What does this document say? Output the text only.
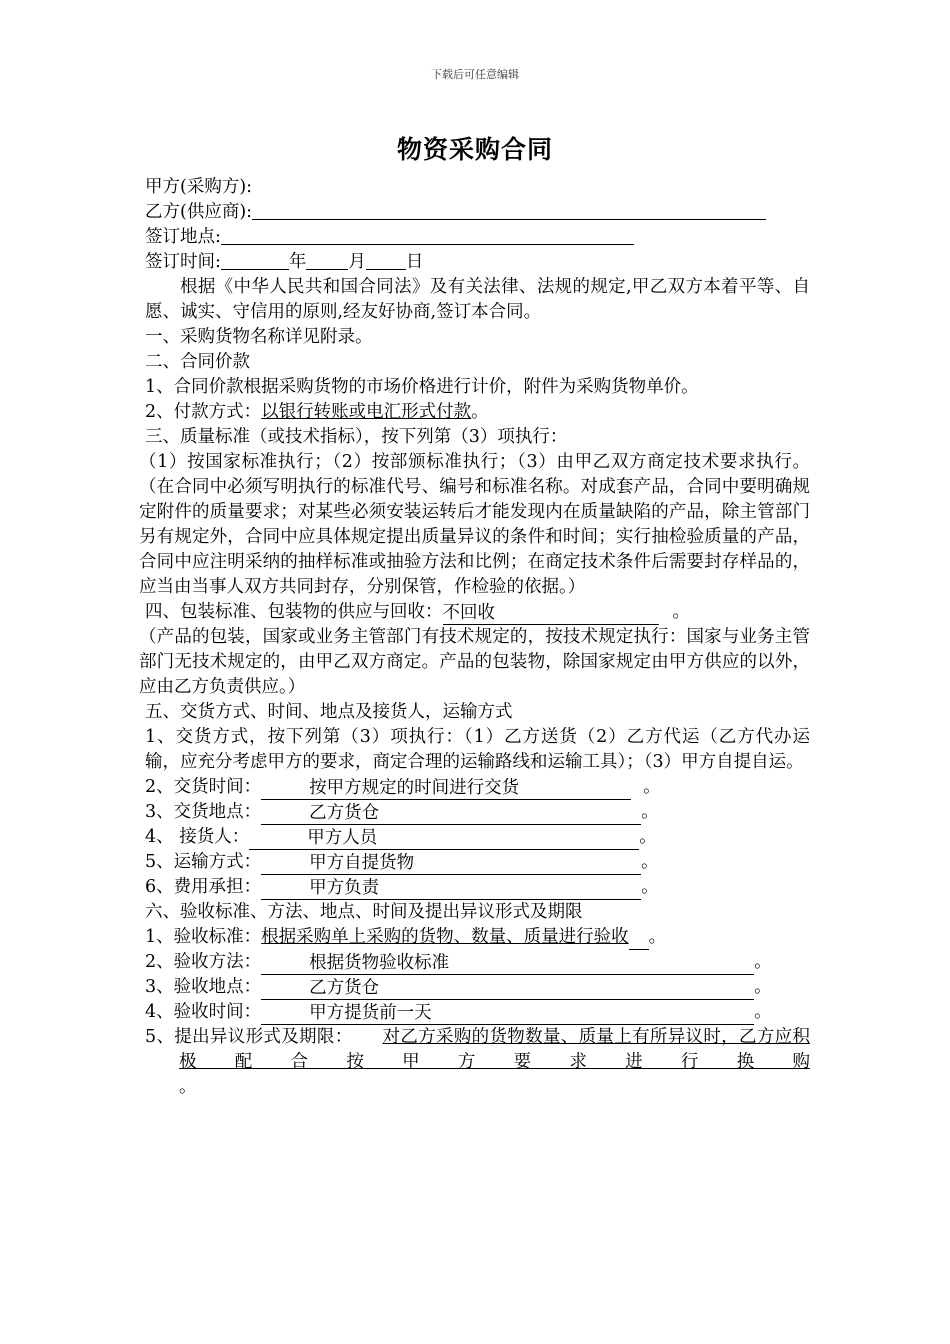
下载后可任意编辑
物资采购合同
甲方(采购方):
乙方(供应商):
签订地点:
签订时间:	年 月 日
根据《中华人民共和国合同法》及有关法律、法规的规定,甲乙双方本着平等、自愿、诚实、守信用的原则,经友好协商,签订本合同。
一、采购货物名称详见附录。
二、合同价款
1、合同价款根据采购货物的市场价格进行计价，附件为采购货物单价。
2、付款方式：以银行转账或电汇形式付款。
三、质量标准（或技术指标），按下列第（3）项执行：
（1）按国家标准执行；（2）按部颁标准执行；（3）由甲乙双方商定技术要求执行。（在合同中必须写明执行的标准代号、编号和标准名称。对成套产品，合同中要明确规定附件的质量要求；对某些必须安装运转后才能发现内在质量缺陷的产品，除主管部门另有规定外，合同中应具体规定提出质量异议的条件和时间；实行抽检验质量的产品，合同中应注明采纳的抽样标准或抽验方法和比例；在商定技术条件后需要封存样品的，应当由当事人双方共同封存，分别保管，作检验的依据。）
四、包装标准、包装物的供应与回收：不回收	。
（产品的包装，国家或业务主管部门有技术规定的，按技术规定执行：国家与业务主管部门无技术规定的，由甲乙双方商定。产品的包装物，除国家规定由甲方供应的以外，应由乙方负责供应。）
五、交货方式、时间、地点及接货人，运输方式
1、交货方式，按下列第（3）项执行：（1）乙方送货（2）乙方代运（乙方代办运输，应充分考虑甲方的要求，商定合理的运输路线和运输工具）；（3）甲方自提自运。
2、交货时间：	按甲方规定的时间进行交货	。
3、交货地点：	乙方货仓	。
4、 接货人：	甲方人员	。
5、运输方式：	甲方自提货物	。
6、费用承担：	甲方负责	。
六、验收标准、方法、地点、时间及提出异议形式及期限
1、验收标准：根据采购单上采购的货物、数量、质量进行验收 。
2、验收方法：	根据货物验收标准	。
3、验收地点：	乙方货仓	。
4、验收时间：	甲方提货前一天	。
5、提出异议形式及期限： 对乙方采购的货物数量、质量上有所异议时，乙方应积极配合按甲方要求进行换购
。
